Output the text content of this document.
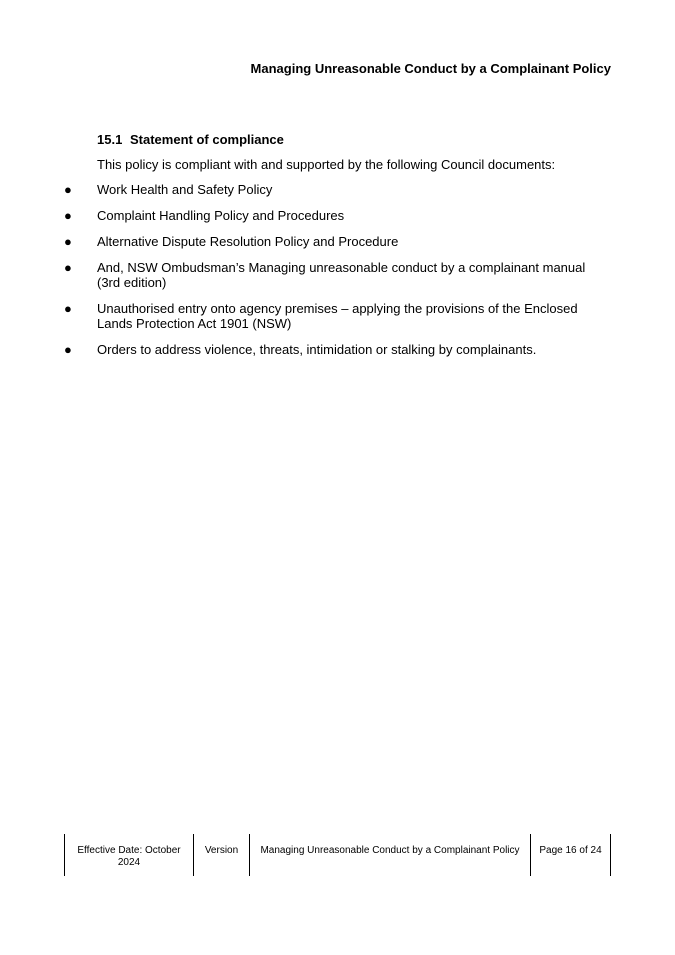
Managing Unreasonable Conduct by a Complainant Policy
15.1 Statement of compliance
This policy is compliant with and supported by the following Council documents:
● Work Health and Safety Policy
● Complaint Handling Policy and Procedures
● Alternative Dispute Resolution Policy and Procedure
● And, NSW Ombudsman’s Managing unreasonable conduct by a complainant manual (3rd edition)
● Unauthorised entry onto agency premises – applying the provisions of the Enclosed Lands Protection Act 1901 (NSW)
● Orders to address violence, threats, intimidation or stalking by complainants.
Effective Date: October 2024
Version	Managing Unreasonable Conduct by a Complainant Policy	Page 16 of 24
